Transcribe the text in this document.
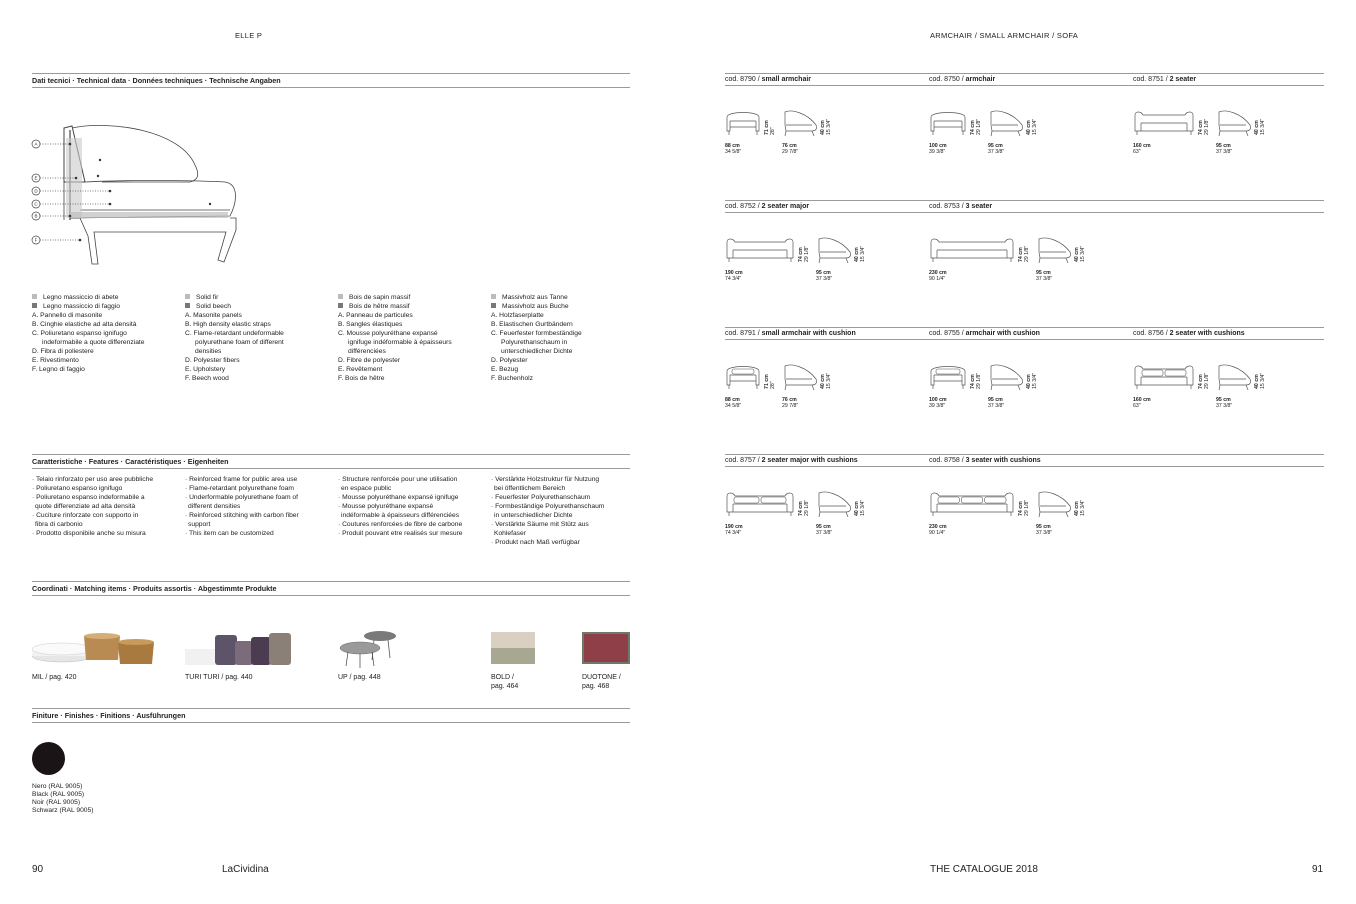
ELLE P	ARMCHAIR / SMALL ARMCHAIR / SOFA
Dati tecnici · Technical data · Données techniques · Technische Angaben
A
E
D
C
B
F
Legno massiccio di abete
Legno massiccio di faggio
A. Pannello di masonite
B. Cinghie elastiche ad alta densità
C. Poliuretano espanso ignifugo
indeformabile a quote differenziate
D. Fibra di poliestere
E. Rivestimento
F. Legno di faggio
Solid fir
Solid beech
A. Masonite panels
B. High density elastic straps
C. Flame-retardant undeformable
polyurethane foam of different
densities
D. Polyester fibers
E. Upholstery
F. Beech wood
Bois de sapin massif
Bois de hêtre massif
A. Panneau de particules
B. Sangles élastiques
C. Mousse polyuréthane expansé
ignifuge indéformable à épaisseurs
différenciées
D. Fibre de polyester
E. Revêtement
F. Bois de hêtre
Massivholz aus Tanne
Massivholz aus Buche
A. Holzfaserplatte
B. Elastischen Gurtbändern
C. Feuerfester formbeständige
Polyurethanschaum in
unterschiedlicher Dichte
D. Polyester
E. Bezug
F. Buchenholz
Caratteristiche · Features · Caractéristiques · Eigenheiten
· Telaio rinforzato per uso aree pubbliche
· Poliuretano espanso ignifugo
· Poliuretano espanso indeformabile a
quote differenziate ad alta densità
· Cuciture rinforzate con supporto in
fibra di carbonio
· Prodotto disponibile anche su misura
· Reinforced frame for public area use
· Flame-retardant polyurethane foam
· Underformable polyurethane foam of
different densities
· Reinforced stitching with carbon fiber
support
· This item can be customized
· Structure renforcée pour une utilisation
en espace public
· Mousse polyuréthane expansé ignifuge
· Mousse polyuréthane expansé
indéformable à épaisseurs différenciées
· Coutures renforcées de fibre de carbone
· Produit pouvant etre realisés sur mesure
· Verstärkte Holzstruktur für Nutzung
bei öffentlichem Bereich
· Feuerfester Polyurethanschaum
· Formbeständige Polyurethanschaum
in unterschiedlicher Dichte
· Verstärkte Säume mit Stütz aus
Kohlefaser
· Produkt nach Maß verfügbar
Coordinati · Matching items · Produits assortis · Abgestimmte Produkte
MIL / pag. 420	TURI TURI / pag. 440	UP / pag. 448	BOLD /
pag. 464
DUOTONE /
pag. 468
Finiture · Finishes · Finitions · Ausführungen
Nero (RAL 9005)
Black (RAL 9005)
Noir (RAL 9005)
Schwarz (RAL 9005)
cod. 8790 / small armchair
88 cm
34 5/8"
71 cm
28"
76 cm
29 7/8"
40 cm
15 3/4"
cod. 8750 / armchair
100 cm
39 3/8"
74 cm
29 1/8"
95 cm
37 3/8"
40 cm
15 3/4"
cod. 8751 / 2 seater
160 cm
63"
74 cm
29 1/8"
95 cm
37 3/8"
40 cm
15 3/4"
cod. 8752 / 2 seater major
190 cm
74 3/4"
74 cm
29 1/8"
95 cm
37 3/8"
40 cm
15 3/4"
cod. 8753 / 3 seater
230 cm
90 1/4"
74 cm
29 1/8"
95 cm
37 3/8"
40 cm
15 3/4"
cod. 8791 / small armchair with cushion
88 cm
34 5/8"
71 cm
28"
76 cm
29 7/8"
40 cm
15 3/4"
cod. 8755 / armchair with cushion
100 cm
39 3/8"
74 cm
29 1/8"
95 cm
37 3/8"
40 cm
15 3/4"
cod. 8756 / 2 seater with cushions
160 cm
63"
74 cm
29 1/8"
95 cm
37 3/8"
40 cm
15 3/4"
cod. 8757 / 2 seater major with cushions
190 cm
74 3/4"
74 cm
29 1/8"
95 cm
37 3/8"
40 cm
15 3/4"
cod. 8758 / 3 seater with cushions
230 cm
90 1/4"
74 cm
29 1/8"
95 cm
37 3/8"
40 cm
15 3/4"
90	LaCividina	THE CATALOGUE 2018	91
